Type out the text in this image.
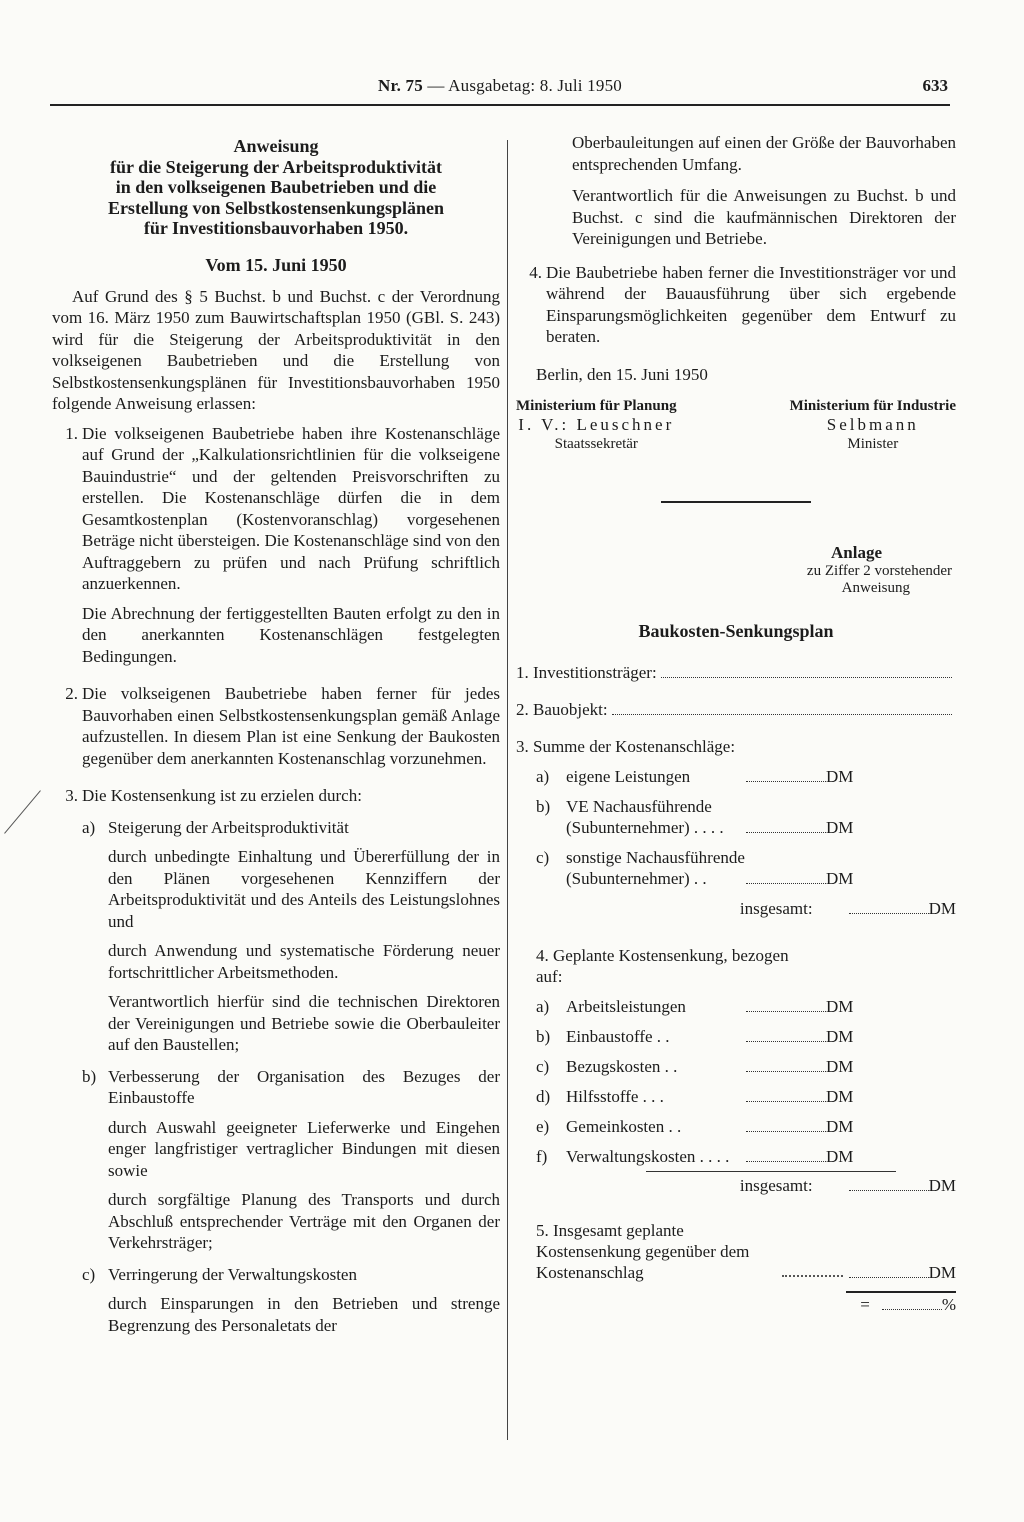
Nr. 75 — Ausgabetag: 8. Juli 1950	633

Anweisung

für die Steigerung der Arbeitsproduktivität

in den volkseigenen Baubetrieben und die

Erstellung von Selbstkostensenkungsplänen

für Investitionsbauvorhaben 1950.

Vom 15. Juni 1950

Auf Grund des § 5 Buchst. b und Buchst. c der Verordnung vom 16. März 1950 zum Bauwirtschaftsplan 1950 (GBl. S. 243) wird für die Steigerung der Arbeitsproduktivität in den volkseigenen Baubetrieben und die Erstellung von Selbstkostensenkungsplänen für Investitionsbauvorhaben 1950 folgende Anweisung erlassen:

1. Die volkseigenen Baubetriebe haben ihre Kostenanschläge auf Grund der „Kalkulationsrichtlinien für die volkseigene Bauindustrie“ und der geltenden Preisvorschriften zu erstellen. Die Kostenanschläge dürfen die in dem Gesamtkostenplan (Kostenvoranschlag) vorgesehenen Beträge nicht übersteigen. Die Kostenanschläge sind von den Auftraggebern zu prüfen und nach Prüfung schriftlich anzuerkennen.

Die Abrechnung der fertiggestellten Bauten erfolgt zu den in den anerkannten Kostenanschlägen festgelegten Bedingungen.

2. Die volkseigenen Baubetriebe haben ferner für jedes Bauvorhaben einen Selbstkostensenkungsplan gemäß Anlage aufzustellen. In diesem Plan ist eine Senkung der Baukosten gegenüber dem anerkannten Kostenanschlag vorzunehmen.

3. Die Kostensenkung ist zu erzielen durch:

a) Steigerung der Arbeitsproduktivität

durch unbedingte Einhaltung und Übererfüllung der in den Plänen vorgesehenen Kennziffern der Arbeitsproduktivität und des Anteils des Leistungslohnes und

durch Anwendung und systematische Förderung neuer fortschrittlicher Arbeitsmethoden.

Verantwortlich hierfür sind die technischen Direktoren der Vereinigungen und Betriebe sowie die Oberbauleiter auf den Baustellen;

b) Verbesserung der Organisation des Bezuges der Einbaustoffe

durch Auswahl geeigneter Lieferwerke und Eingehen enger langfristiger vertraglicher Bindungen mit diesen sowie

durch sorgfältige Planung des Transports und durch Abschluß entsprechender Verträge mit den Organen der Verkehrsträger;

c) Verringerung der Verwaltungskosten

durch Einsparungen in den Betrieben und strenge Begrenzung des Personaletats der

Oberbauleitungen auf einen der Größe der Bauvorhaben entsprechenden Umfang.

Verantwortlich für die Anweisungen zu Buchst. b und Buchst. c sind die kaufmännischen Direktoren der Vereinigungen und Betriebe.

4. Die Baubetriebe haben ferner die Investitionsträger vor und während der Bauausführung über sich ergebende Einsparungsmöglichkeiten gegenüber dem Entwurf zu beraten.

Berlin, den 15. Juni 1950

Ministerium für Planung
I. V.: Leuschner
Staatssekretär
Ministerium für Industrie
Selbmann
Minister
Anlage
zu Ziffer 2 vorstehender
Anweisung
Baukosten-Senkungsplan
1. Investitionsträger:
2. Bauobjekt:
3. Summe der Kostenanschläge:
a) eigene Leistungen	DM
b) VE Nachausführende (Subunternehmer) . . . .	DM
c) sonstige Nachausführende (Subunternehmer) . .	DM
insgesamt:	DM
4. Geplante Kostensenkung, bezogen auf:
a) Arbeitsleistungen	DM
b) Einbaustoffe . .	DM
c) Bezugskosten . .	DM
d) Hilfsstoffe . . .	DM
e) Gemeinkosten . .	DM
f)	Verwaltungskosten . . . .	DM
insgesamt:	DM
5. Insgesamt geplante Kostensenkung gegenüber dem Kostenanschlag	DM
=	%
